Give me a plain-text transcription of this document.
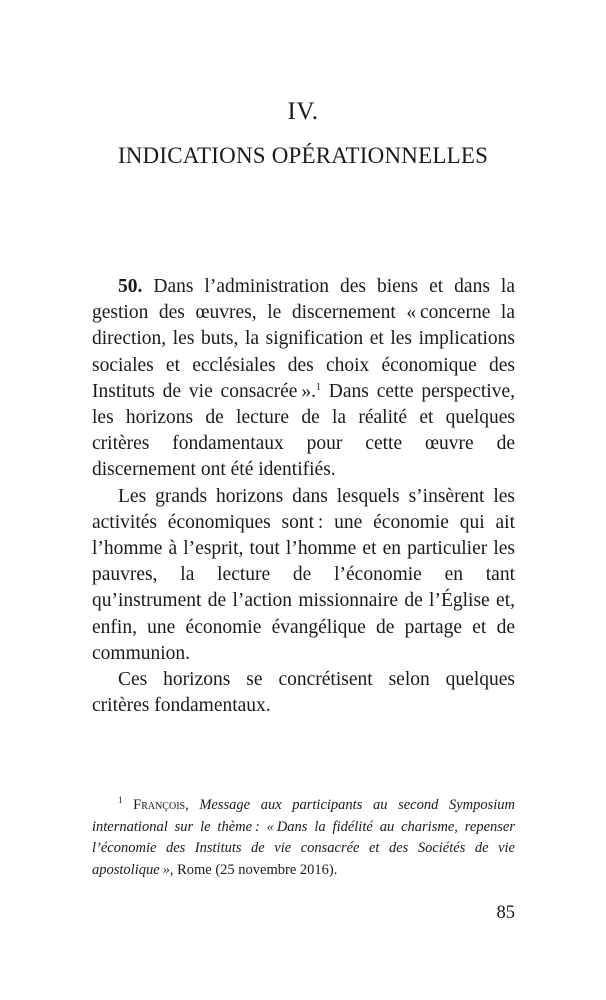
IV.
INDICATIONS OPÉRATIONNELLES

50. Dans l’administration des biens et dans la gestion des œuvres, le discernement « concerne la direction, les buts, la signification et les implications sociales et ecclésiales des choix économique des Instituts de vie consacrée ».$^1$ Dans cette perspective, les horizons de lecture de la réalité et quelques critères fondamentaux pour cette œuvre de discernement ont été identifiés.

Les grands horizons dans lesquels s’insèrent les activités économiques sont : une économie qui ait l’homme à l’esprit, tout l’homme et en particulier les pauvres, la lecture de l’économie en tant qu’instrument de l’action missionnaire de l’Église et, enfin, une économie évangélique de partage et de communion.

Ces horizons se concrétisent selon quelques critères fondamentaux.

$^1$ François, Message aux participants au second Symposium international sur le thème : « Dans la fidélité au charisme, repenser l’économie des Instituts de vie consacrée et des Sociétés de vie apostolique », Rome (25 novembre 2016).
85
